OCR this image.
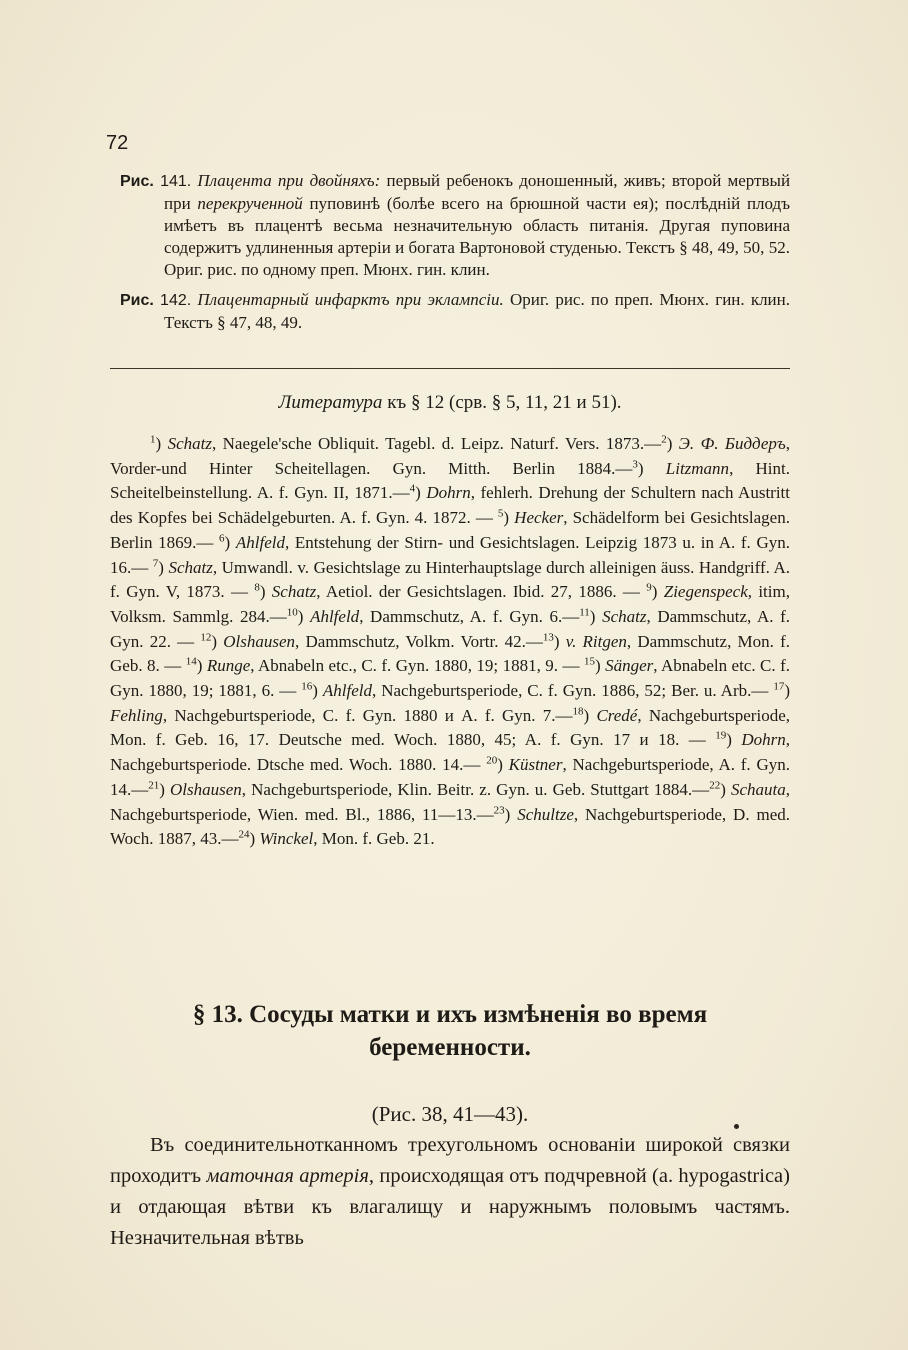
72
Рис. 141. Плацента при двойняхъ: первый ребенокъ доношенный, живъ; второй мертвый при перекрученной пуповинѣ (болѣе всего на брюшной части ея); послѣдній плодъ имѣетъ въ плацентѣ весьма незначительную область питанія. Другая пуповина содержитъ удлиненныя артеріи и богата Вартоновой студенью. Текстъ § 48, 49, 50, 52. Ориг. рис. по одному преп. Мюнх. гин. клин.
Рис. 142. Плацентарный инфарктъ при эклампсіи. Ориг. рис. по преп. Мюнх. гин. клин. Текстъ § 47, 48, 49.
Литература къ § 12 (срв. § 5, 11, 21 и 51).
$^1$) Schatz, Naegele'sche Obliquit. Tagebl. d. Leipz. Naturf. Vers. 1873.—$^2$) Э. Ф. Биддеръ, Vorder-und Hinter Scheitellagen. Gyn. Mitth. Berlin 1884.—$^3$) Litzmann, Hint. Scheitelbeinstellung. A. f. Gyn. II, 1871.—$^4$) Dohrn, fehlerh. Drehung der Schultern nach Austritt des Kopfes bei Schädelgeburten. A. f. Gyn. 4. 1872. — $^5$) Hecker, Schädelform bei Gesichtslagen. Berlin 1869.— $^6$) Ahlfeld, Entstehung der Stirn- und Gesichtslagen. Leipzig 1873 u. in A. f. Gyn. 16.— $^7$) Schatz, Umwandl. v. Gesichtslage zu Hinterhauptslage durch alleinigen äuss. Handgriff. A. f. Gyn. V, 1873. — $^8$) Schatz, Aetiol. der Gesichtslagen. Ibid. 27, 1886. — $^9$) Ziegenspeck, itim, Volksm. Sammlg. 284.—$^{10}$) Ahlfeld, Dammschutz, A. f. Gyn. 6.—$^{11}$) Schatz, Dammschutz, A. f. Gyn. 22. — $^{12}$) Olshausen, Dammschutz, Volkm. Vortr. 42.—$^{13}$) v. Ritgen, Dammschutz, Mon. f. Geb. 8. — $^{14}$) Runge, Abnabeln etc., C. f. Gyn. 1880, 19; 1881, 9. — $^{15}$) Sänger, Abnabeln etc. C. f. Gyn. 1880, 19; 1881, 6. — $^{16}$) Ahlfeld, Nachgeburtsperiode, C. f. Gyn. 1886, 52; Ber. u. Arb.— $^{17}$) Fehling, Nachgeburtsperiode, C. f. Gyn. 1880 и A. f. Gyn. 7.—$^{18}$) Credé, Nachgeburtsperiode, Mon. f. Geb. 16, 17. Deutsche med. Woch. 1880, 45; A. f. Gyn. 17 и 18. — $^{19}$) Dohrn, Nachgeburtsperiode. Dtsche med. Woch. 1880. 14.— $^{20}$) Küstner, Nachgeburtsperiode, A. f. Gyn. 14.—$^{21}$) Olshausen, Nachgeburtsperiode, Klin. Beitr. z. Gyn. u. Geb. Stuttgart 1884.—$^{22}$) Schauta, Nachgeburtsperiode, Wien. med. Bl., 1886, 11—13.—$^{23}$) Schultze, Nachgeburtsperiode, D. med. Woch. 1887, 43.—$^{24}$) Winckel, Mon. f. Geb. 21.
§ 13. Сосуды матки и ихъ измѣненія во время беременности.
(Рис. 38, 41—43).
Въ соединительнотканномъ трехугольномъ основаніи широкой связки проходитъ маточная артерія, происходящая отъ подчревной (a. hypogastrica) и отдающая вѣтви къ влагалищу и наружнымъ половымъ частямъ. Незначительная вѣтвь
